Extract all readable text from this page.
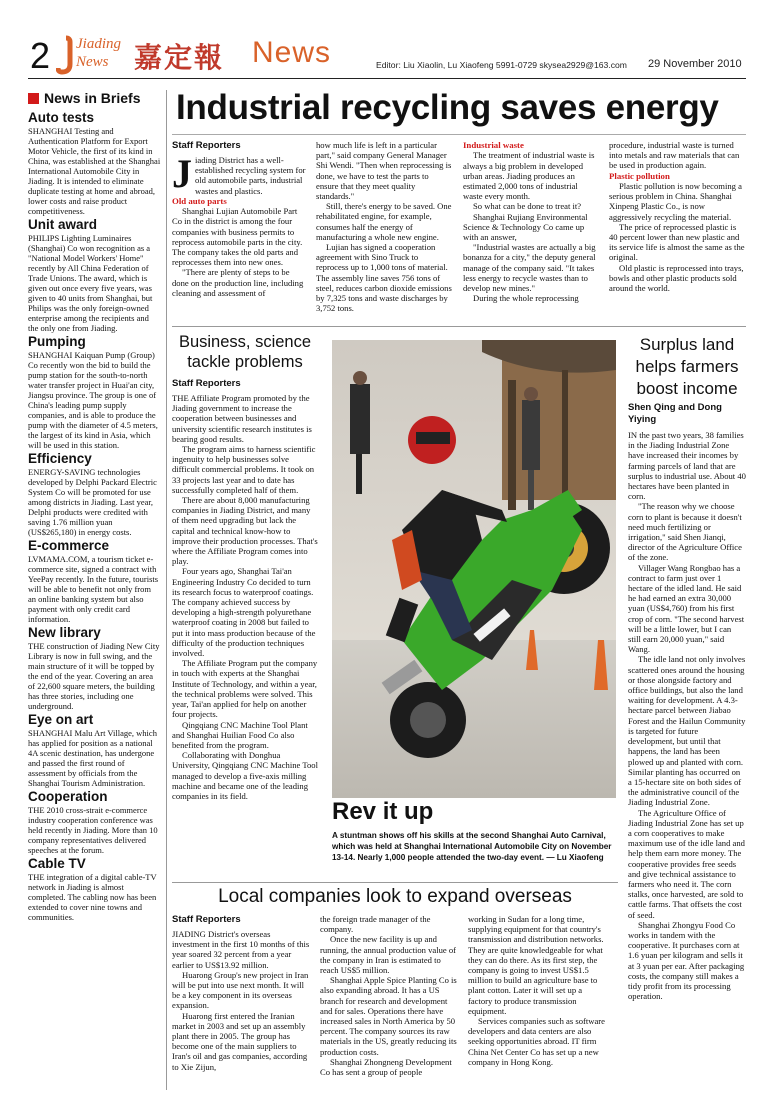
2 Jiading
News 嘉定報 News	Editor: Liu Xiaolin, Lu Xiaofeng 5991-0729 skysea2929@163.com 29 November 2010
News in Briefs
Auto tests
SHANGHAI Testing and Authentication Platform for Export Motor Vehicle, the first of its kind in China, was established at the Shanghai International Automobile City in Jiading. It is intended to eliminate duplicate testing at home and abroad, lower costs and raise product competitiveness.
Unit award
PHILIPS Lighting Luminaires (Shanghai) Co won recognition as a "National Model Workers' Home" recently by All China Federation of Trade Unions. The award, which is given out once every five years, was given to 40 units from Shanghai, but Philips was the only foreign-owned enterprise among the recipients and the only one from Jiading.
Pumping
SHANGHAI Kaiquan Pump (Group) Co recently won the bid to build the pump station for the south-to-north water transfer project in Huai'an city, Jiangsu province. The group is one of China's leading pump supply companies, and is able to produce the pump with the diameter of 4.5 meters, the largest of its kind in Asia, which will be used in this station.
Efficiency
ENERGY-SAVING technologies developed by Delphi Packard Electric System Co will be promoted for use among districts in Jiading. Last year, Delphi products were credited with saving 1.76 million yuan (US$265,180) in energy costs.
E-commerce
LVMAMA.COM, a tourism ticket e-commerce site, signed a contract with YeePay recently. In the future, tourists will be able to benefit not only from an online banking system but also payment with only credit card information.
New library
THE construction of Jiading New City Library is now in full swing, and the main structure of it will be topped by the end of the year. Covering an area of 22,600 square meters, the building has three stories, including one underground.
Eye on art
SHANGHAI Malu Art Village, which has applied for position as a national 4A scenic destination, has undergone and passed the first round of assessment by officials from the Shanghai Tourism Administration.
Cooperation
THE 2010 cross-strait e-commerce industry cooperation conference was held recently in Jiading. More than 10 company representatives delivered speeches at the forum.
Cable TV
THE integration of a digital cable-TV network in Jiading is almost completed. The cabling now has been extended to cover nine towns and communities.
Industrial recycling saves energy
Staff Reporters
J iading District has a well-established recycling system for old automobile parts, industrial wastes and plastics.

Old auto parts

Shanghai Lujian Automobile Part Co in the district is among the four companies with business permits to reprocess automobile parts in the city. The company takes the old parts and reprocesses them into new ones.

"There are plenty of steps to be done on the production line, including cleaning and assessment of

how much life is left in a particular part," said company General Manager Shi Wendi. "Then when reprocessing is done, we have to test the parts to ensure that they meet quality standards."

Still, there's energy to be saved. One rehabilitated engine, for example, consumes half the energy of manufacturing a whole new engine.

Lujian has signed a cooperation agreement with Sino Truck to reprocess up to 1,000 tons of material. The assembly line saves 756 tons of steel, reduces carbon dioxide emissions by 7,325 tons and waste discharges by 3,752 tons.

Industrial waste

The treatment of industrial waste is always a big problem in developed urban areas. Jiading produces an estimated 2,000 tons of industrial waste every month.

So what can be done to treat it?

Shanghai Rujiang Environmental Science & Technology Co came up with an answer,

"Industrial wastes are actually a big bonanza for a city," the deputy general manage of the company said. "It takes less energy to recycle wastes than to develop new mines."

During the whole reprocessing

procedure, industrial waste is turned into metals and raw materials that can be used in production again.

Plastic pollution

Plastic pollution is now becoming a serious problem in China. Shanghai Xinpeng Plastic Co., is now aggressively recycling the material.

The price of reprocessed plastic is 40 percent lower than new plastic and its service life is almost the same as the original.

Old plastic is reprocessed into trays, bowls and other plastic products sold around the world.

Business, science tackle problems
Staff Reporters

THE Affiliate Program promoted by the Jiading government to increase the cooperation between businesses and university scientific research institutes is bearing good results.

The program aims to harness scientific ingenuity to help businesses solve difficult commercial problems. It took on 33 projects last year and to date has successfully completed half of them.

There are about 8,000 manufacturing companies in Jiading District, and many of them need upgrading but lack the capital and technical know-how to improve their production processes. That's where the Affiliate Program comes into play.

Four years ago, Shanghai Tai'an Engineering Industry Co decided to turn its research focus to waterproof coatings. The company achieved success by developing a high-strength polyurethane waterproof coating in 2008 but failed to put it into mass production because of the difficulty of the production techniques involved.

The Affiliate Program put the company in touch with experts at the Shanghai Institute of Technology, and within a year, the technical problems were solved. This year, Tai'an applied for help on another four projects.

Qingqiang CNC Machine Tool Plant and Shanghai Huilian Food Co also benefited from the program.

Collaborating with Donghua University, Qingqiang CNC Machine Tool managed to develop a five-axis milling machine and became one of the leading companies in its field.

Rev it up
A stuntman shows off his skills at the second Shanghai Auto Carnival, which was held at Shanghai International Automobile City on November 13-14. Nearly 1,000 people attended the two-day event. — Lu Xiaofeng
Surplus land helps farmers boost income
Shen Qing and Dong Yiying

IN the past two years, 38 families in the Jiading Industrial Zone have increased their incomes by farming parcels of land that are surplus to industrial use. About 40 hectares have been planted in corn.

"The reason why we choose corn to plant is because it doesn't need much fertilizing or irrigation," said Shen Jianqi, director of the Agriculture Office of the zone.

Villager Wang Rongbao has a contract to farm just over 1 hectare of the idled land. He said he had earned an extra 30,000 yuan (US$4,760) from his first crop of corn. "The second harvest will be a little lower, but I can still earn 20,000 yuan," said Wang.

The idle land not only involves scattered ones around the housing or those alongside factory and office buildings, but also the land waiting for development. A 4.3-hectare parcel between Jiabao Forest and the Hailun Community is targeted for future development, but until that happens, the land has been plowed up and planted with corn. Similar planting has occurred on a 15-hectare site on both sides of the administrative council of the Jiading Industrial Zone.

The Agriculture Office of Jiading Industrial Zone has set up a corn cooperatives to make maximum use of the idle land and help them earn more money. The cooperative provides free seeds and give technical assistance to farmers who need it. The corn stalks, once harvested, are sold to cattle farms. That offsets the cost of seed.

Shanghai Zhongyu Food Co works in tandem with the cooperative. It purchases corn at 1.6 yuan per kilogram and sells it at 3 yuan per ear. After packaging costs, the company still makes a tidy profit from its processing operation.

Local companies look to expand overseas
Staff Reporters

JIADING District's overseas investment in the first 10 months of this year soared 32 percent from a year earlier to US$13.92 million.

Huarong Group's new project in Iran will be put into use next month. It will be a key component in its overseas expansion.

Huarong first entered the Iranian market in 2003 and set up an assembly plant there in 2005. The group has become one of the main suppliers to Iran's oil and gas companies, according to Xie Zijun,

the foreign trade manager of the company.

Once the new facility is up and running, the annual production value of the company in Iran is estimated to reach US$5 million.

Shanghai Apple Spice Planting Co is also expanding abroad. It has a US branch for research and development and for sales. Operations there have increased sales in North America by 50 percent. The company sources its raw materials in the US, greatly reducing its production costs.

Shanghai Zhongneng Development Co has sent a group of people

working in Sudan for a long time, supplying equipment for that country's transmission and distribution networks. They are quite knowledgeable for what they can do there. As its first step, the company is going to invest US$1.5 million to build an agriculture base to plant cotton. Later it will set up a factory to produce transmission equipment.

Services companies such as software developers and data centers are also seeking opportunities abroad. IT firm China Net Center Co has set up a new company in Hong Kong.
